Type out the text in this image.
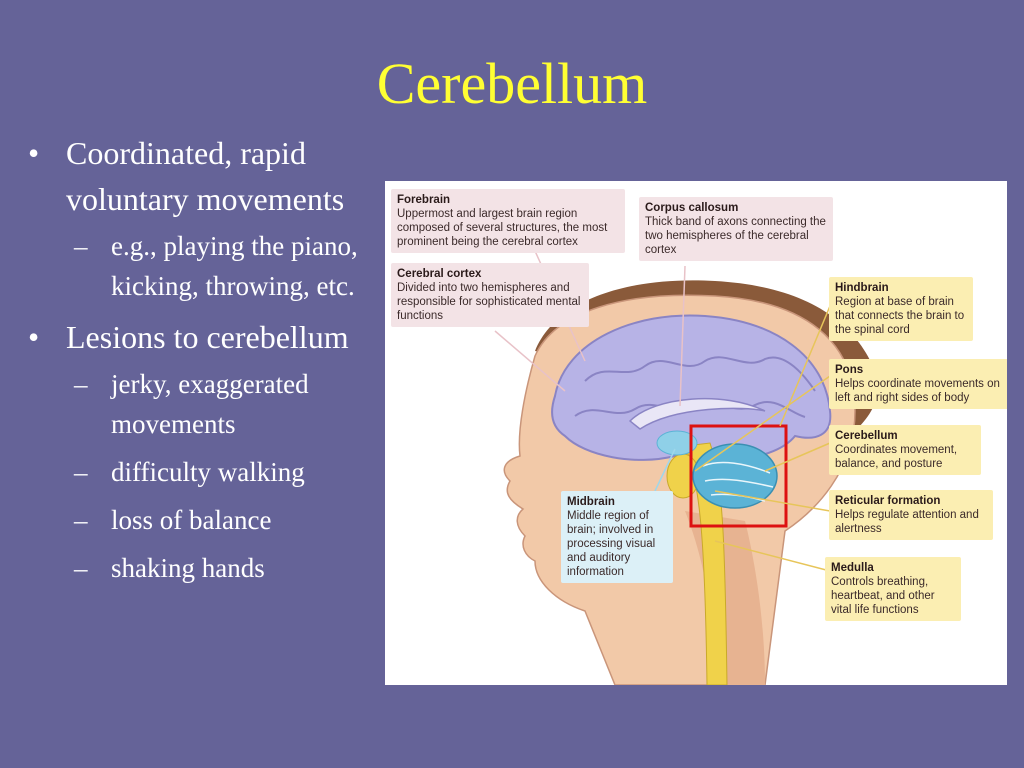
Cerebellum
• Coordinated, rapid voluntary movements
– e.g., playing the piano, kicking, throwing, etc.
• Lesions to cerebellum
– jerky, exaggerated movements
– difficulty walking
– loss of balance
– shaking hands
Forebrain
Uppermost and largest brain region composed of several structures, the most prominent being the cerebral cortex
Corpus callosum
Thick band of axons connecting the two hemispheres of the cerebral cortex
Cerebral cortex
Divided into two hemispheres and responsible for sophisticated mental functions
Hindbrain
Region at base of brain that connects the brain to the spinal cord
Pons
Helps coordinate movements on left and right sides of body
Cerebellum
Coordinates movement, balance, and posture
Reticular formation
Helps regulate attention and alertness
Midbrain
Middle region of brain; involved in processing visual and auditory information	Medulla
Controls breathing, heartbeat, and other vital life functions
